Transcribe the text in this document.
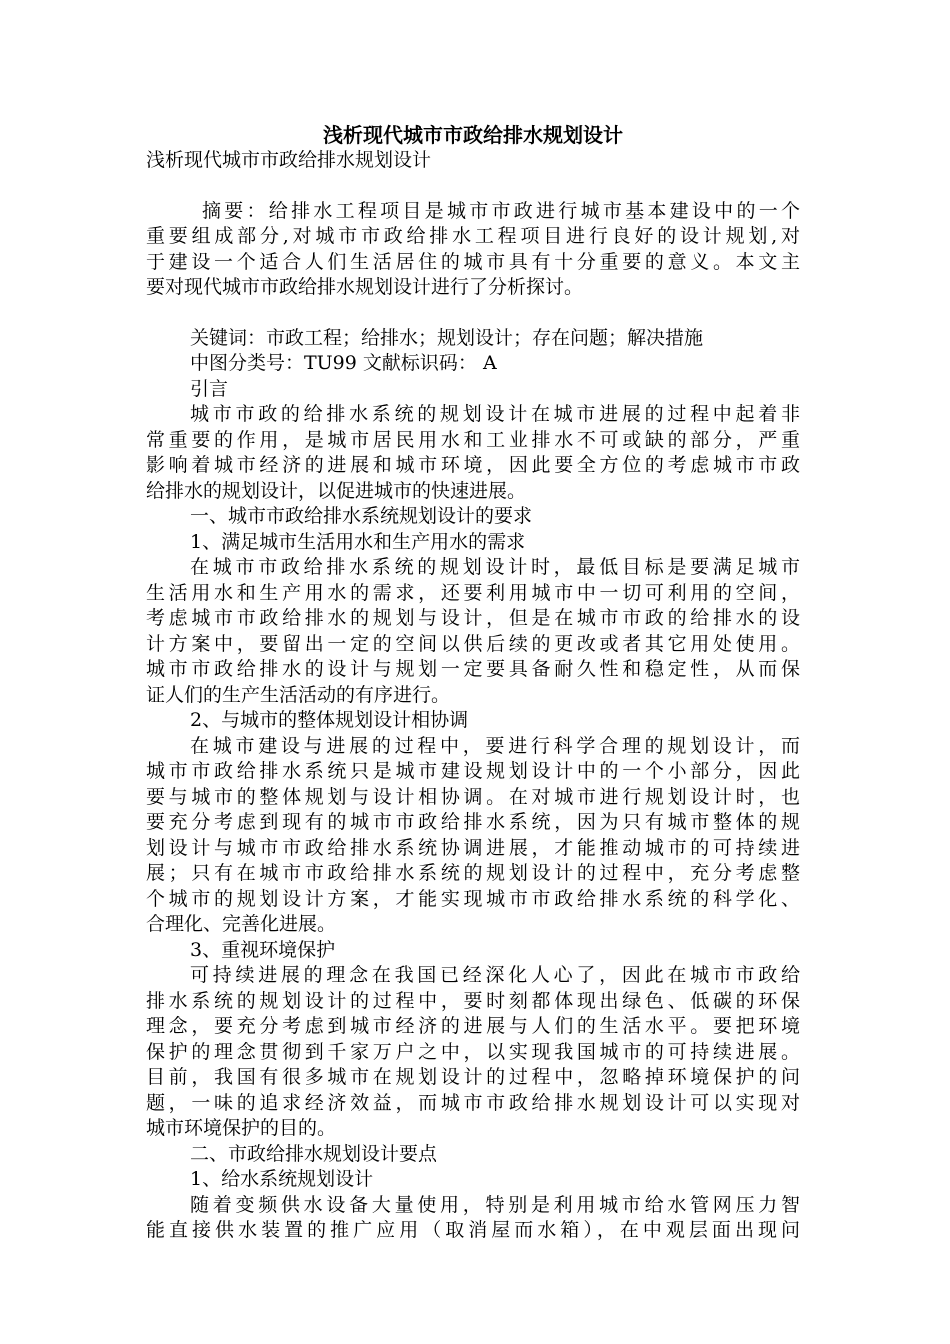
浅析现代城市市政给排水规划设计

浅析现代城市市政给排水规划设计

摘要：给排水工程项目是城市市政进行城市基本建设中的一个

重要组成部分,对城市市政给排水工程项目进行良好的设计规划,对

于建设一个适合人们生活居住的城市具有十分重要的意义。本文主

要对现代城市市政给排水规划设计进行了分析探讨。

关键词：市政工程；给排水；规划设计；存在问题；解决措施

中图分类号：TU99 文献标识码： A

引言

城市市政的给排水系统的规划设计在城市进展的过程中起着非

常重要的作用，是城市居民用水和工业排水不可或缺的部分，严重

影响着城市经济的进展和城市环境，因此要全方位的考虑城市市政

给排水的规划设计，以促进城市的快速进展。

一、城市市政给排水系统规划设计的要求

1、满足城市生活用水和生产用水的需求

在城市市政给排水系统的规划设计时，最低目标是要满足城市

生活用水和生产用水的需求，还要利用城市中一切可利用的空间，

考虑城市市政给排水的规划与设计，但是在城市市政的给排水的设

计方案中，要留出一定的空间以供后续的更改或者其它用处使用。

城市市政给排水的设计与规划一定要具备耐久性和稳定性，从而保

证人们的生产生活活动的有序进行。

2、与城市的整体规划设计相协调

在城市建设与进展的过程中，要进行科学合理的规划设计，而

城市市政给排水系统只是城市建设规划设计中的一个小部分，因此

要与城市的整体规划与设计相协调。在对城市进行规划设计时，也

要充分考虑到现有的城市市政给排水系统，因为只有城市整体的规

划设计与城市市政给排水系统协调进展，才能推动城市的可持续进

展；只有在城市市政给排水系统的规划设计的过程中，充分考虑整

个城市的规划设计方案，才能实现城市市政给排水系统的科学化、

合理化、完善化进展。

3、重视环境保护

可持续进展的理念在我国已经深化人心了，因此在城市市政给

排水系统的规划设计的过程中，要时刻都体现出绿色、低碳的环保

理念，要充分考虑到城市经济的进展与人们的生活水平。要把环境

保护的理念贯彻到千家万户之中，以实现我国城市的可持续进展。

目前，我国有很多城市在规划设计的过程中，忽略掉环境保护的问

题，一味的追求经济效益，而城市市政给排水规划设计可以实现对

城市环境保护的目的。

二、市政给排水规划设计要点

1、给水系统规划设计

随着变频供水设备大量使用，特别是利用城市给水管网压力智

能直接供水装置的推广应用（取消屋而水箱），在中观层面出现问
